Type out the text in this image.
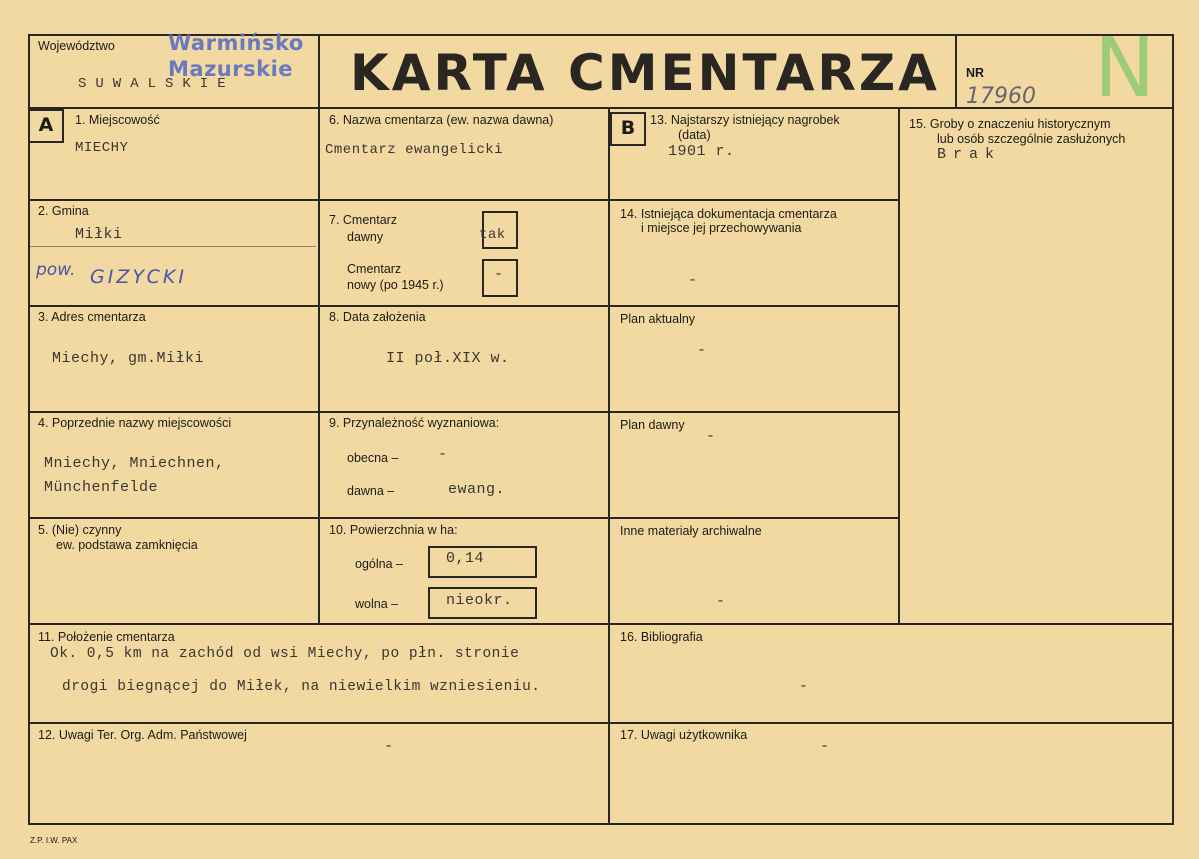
Województwo
SUWALSKIE
Warmińsko
Mazurskie KARTA CMENTARZA NR
17960 N
A	1. Miejscowość
MIECHY
2. Gmina
Miłki
pow. GIZYCKI
3. Adres cmentarza
Miechy, gm.Miłki
4. Poprzednie nazwy miejscowości
Mniechy, Mniechnen,
Münchenfelde
5. (Nie) czynny
ew. podstawa zamknięcia
6. Nazwa cmentarza (ew. nazwa dawna)
Cmentarz ewangelicki
7. Cmentarz
dawny	tak
Cmentarz
nowy (po 1945 r.)
-
8. Data założenia
II poł.XIX w.
9. Przynależność wyznaniowa:
obecna –	-
dawna –	ewang.
10. Powierzchnia w ha:
ogólna –	0,14
wolna –	nieokr.
B	13. Najstarszy istniejący nagrobek
(data)
1901 r.
14. Istniejąca dokumentacja cmentarza
i miejsce jej przechowywania
-
Plan aktualny
-
Plan dawny
-
Inne materiały archiwalne
-
15. Groby o znaczeniu historycznym
lub osób szczególnie zasłużonych
Brak
11. Położenie cmentarza
Ok. 0,5 km na zachód od wsi Miechy, po płn. stronie
drogi biegnącej do Miłek, na niewielkim wzniesieniu.
16. Bibliografia
-
12. Uwagi Ter. Org. Adm. Państwowej
-
17. Uwagi użytkownika
-
Z.P. I.W. PAX
